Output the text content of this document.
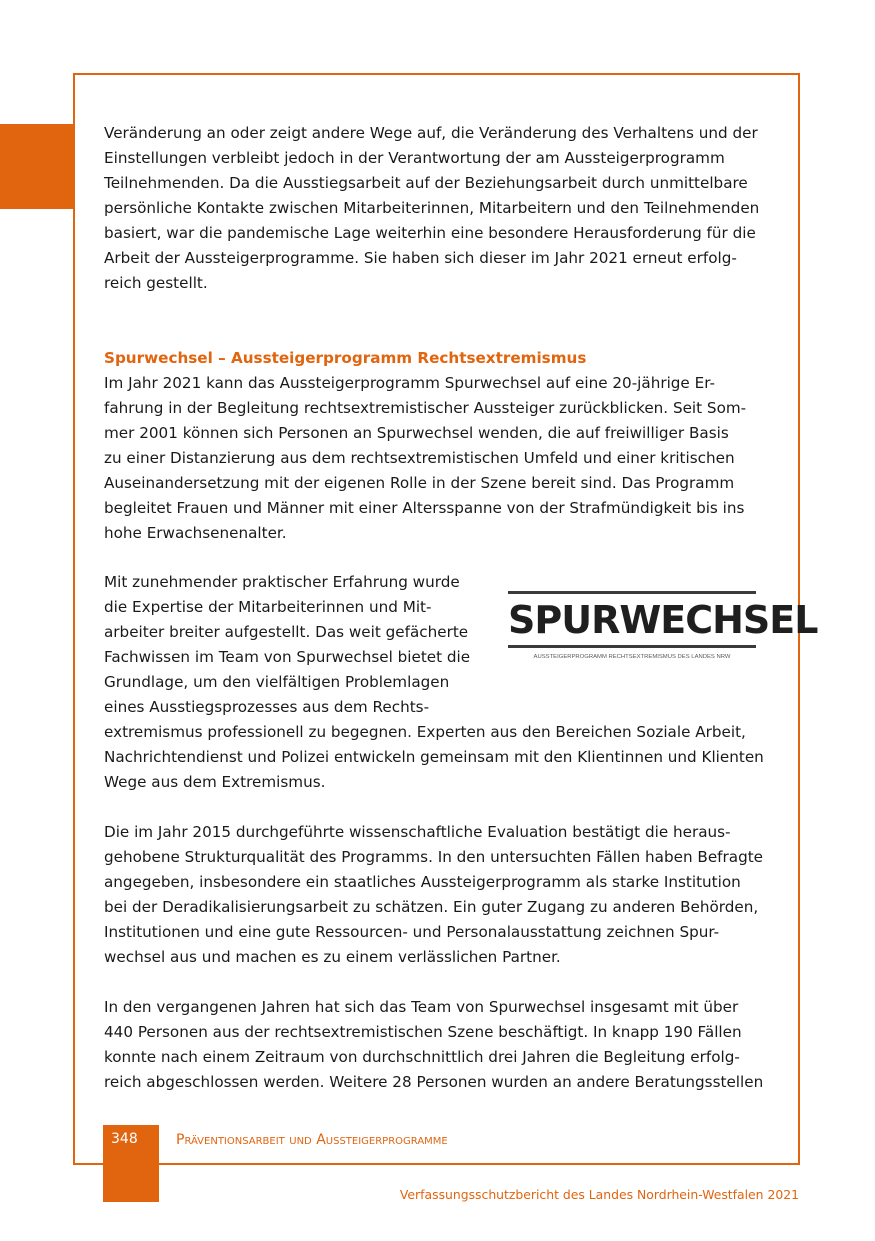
Veränderung an oder zeigt andere Wege auf, die Veränderung des Verhaltens und der
Einstellungen verbleibt jedoch in der Verantwortung der am Aussteigerprogramm
Teilnehmenden. Da die Ausstiegsarbeit auf der Beziehungsarbeit durch unmittelbare
persönliche Kontakte zwischen Mitarbeiterinnen, Mitarbeitern und den Teilnehmenden
basiert, war die pandemische Lage weiterhin eine besondere Herausforderung für die
Arbeit der Aussteigerprogramme. Sie haben sich dieser im Jahr 2021 erneut erfolg-
reich gestellt.

Spurwechsel – Aussteigerprogramm Rechtsextremismus

Im Jahr 2021 kann das Aussteigerprogramm Spurwechsel auf eine 20-jährige Er-
fahrung in der Begleitung rechtsextremistischer Aussteiger zurückblicken. Seit Som-
mer 2001 können sich Personen an Spurwechsel wenden, die auf freiwilliger Basis
zu einer Distanzierung aus dem rechtsextremistischen Umfeld und einer kritischen
Auseinandersetzung mit der eigenen Rolle in der Szene bereit sind. Das Programm
begleitet Frauen und Männer mit einer Altersspanne von der Strafmündigkeit bis ins
hohe Erwachsenenalter.

Mit zunehmender praktischer Erfahrung wurde
die Expertise der Mitarbeiterinnen und Mit-
arbeiter breiter aufgestellt. Das weit gefächerte
Fachwissen im Team von Spurwechsel bietet die
Grundlage, um den vielfältigen Problemlagen
eines Ausstiegsprozesses aus dem Rechts-
extremismus professionell zu begegnen. Experten aus den Bereichen Soziale Arbeit,
Nachrichtendienst und Polizei entwickeln gemeinsam mit den Klientinnen und Klienten
Wege aus dem Extremismus.

SPURWECHSEL
AUSSTEIGERPROGRAMM RECHTSEXTREMISMUS DES LANDES NRW

Die im Jahr 2015 durchgeführte wissenschaftliche Evaluation bestätigt die heraus-
gehobene Strukturqualität des Programms. In den untersuchten Fällen haben Befragte
angegeben, insbesondere ein staatliches Aussteigerprogramm als starke Institution
bei der Deradikalisierungsarbeit zu schätzen. Ein guter Zugang zu anderen Behörden,
Institutionen und eine gute Ressourcen- und Personalausstattung zeichnen Spur-
wechsel aus und machen es zu einem verlässlichen Partner.

In den vergangenen Jahren hat sich das Team von Spurwechsel insgesamt mit über
440 Personen aus der rechtsextremistischen Szene beschäftigt. In knapp 190 Fällen
konnte nach einem Zeitraum von durchschnittlich drei Jahren die Begleitung erfolg-
reich abgeschlossen werden. Weitere 28 Personen wurden an andere Beratungsstellen

348	Präventionsarbeit und Aussteigerprogramme
Verfassungsschutzbericht des Landes Nordrhein-Westfalen 2021
